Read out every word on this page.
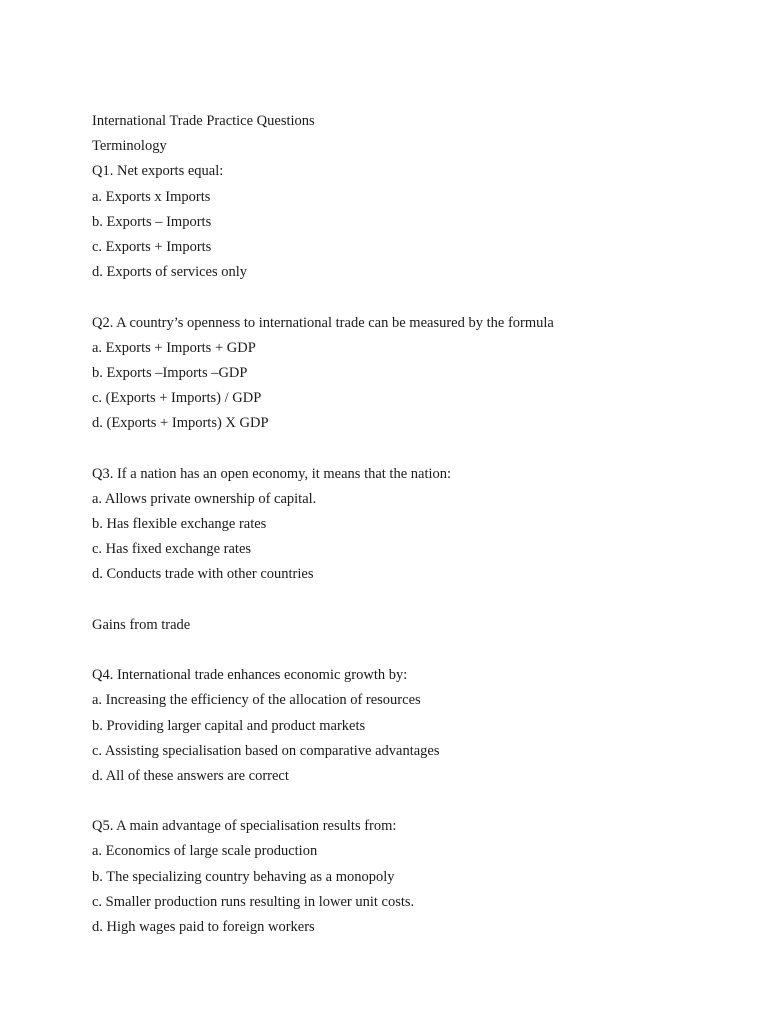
International Trade Practice Questions
Terminology
Q1. Net exports equal:
a. Exports x Imports
b. Exports – Imports
c. Exports + Imports
d. Exports of services only
Q2. A country’s openness to international trade can be measured by the formula
a. Exports + Imports + GDP
b. Exports –Imports –GDP
c. (Exports + Imports) / GDP
d. (Exports + Imports) X GDP
Q3. If a nation has an open economy, it means that the nation:
a. Allows private ownership of capital.
b. Has flexible exchange rates
c. Has fixed exchange rates
d. Conducts trade with other countries
Gains from trade
Q4. International trade enhances economic growth by:
a. Increasing the efficiency of the allocation of resources
b. Providing larger capital and product markets
c. Assisting specialisation based on comparative advantages
d. All of these answers are correct
Q5. A main advantage of specialisation results from:
a. Economics of large scale production
b. The specializing country behaving as a monopoly
c. Smaller production runs resulting in lower unit costs.
d. High wages paid to foreign workers
